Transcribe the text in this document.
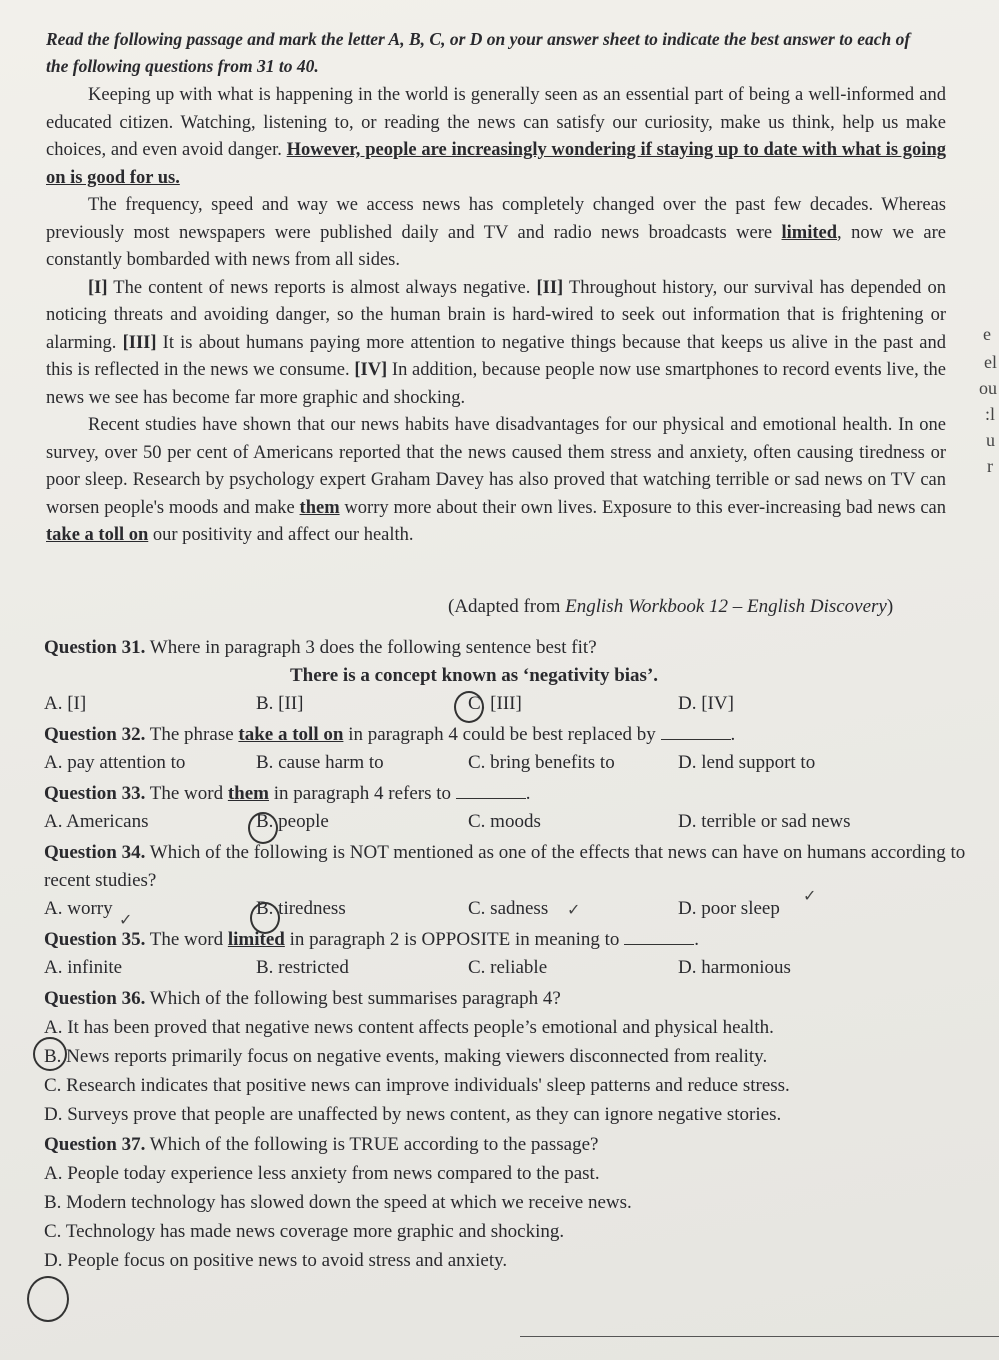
Read the following passage and mark the letter A, B, C, or D on your answer sheet to indicate the best answer to each of the following questions from 31 to 40.

Keeping up with what is happening in the world is generally seen as an essential part of being a well-informed and educated citizen. Watching, listening to, or reading the news can satisfy our curiosity, make us think, help us make choices, and even avoid danger. However, people are increasingly wondering if staying up to date with what is going on is good for us.

The frequency, speed and way we access news has completely changed over the past few decades. Whereas previously most newspapers were published daily and TV and radio news broadcasts were limited, now we are constantly bombarded with news from all sides.

[I] The content of news reports is almost always negative. [II] Throughout history, our survival has depended on noticing threats and avoiding danger, so the human brain is hard-wired to seek out information that is frightening or alarming. [III] It is about humans paying more attention to negative things because that keeps us alive in the past and this is reflected in the news we consume. [IV] In addition, because people now use smartphones to record events live, the news we see has become far more graphic and shocking.

Recent studies have shown that our news habits have disadvantages for our physical and emotional health. In one survey, over 50 per cent of Americans reported that the news caused them stress and anxiety, often causing tiredness or poor sleep. Research by psychology expert Graham Davey has also proved that watching terrible or sad news on TV can worsen people's moods and make them worry more about their own lives. Exposure to this ever-increasing bad news can take a toll on our positivity and affect our health.

(Adapted from English Workbook 12 – English Discovery)
Question 31. Where in paragraph 3 does the following sentence best fit?
There is a concept known as ‘negativity bias’.
A. [I]	B. [II]	C. [III]	D. [IV]
Question 32. The phrase take a toll on in paragraph 4 could be best replaced by	.
A. pay attention to	B. cause harm to	C. bring benefits to	D. lend support to
Question 33. The word them in paragraph 4 refers to	.
A. Americans	B. people	C. moods	D. terrible or sad news
Question 34. Which of the following is NOT mentioned as one of the effects that news can have on humans according to recent studies?
A. worry	B. tiredness	C. sadness	D. poor sleep
Question 35. The word limited in paragraph 2 is OPPOSITE in meaning to	.
A. infinite	B. restricted	C. reliable	D. harmonious
Question 36. Which of the following best summarises paragraph 4?
A. It has been proved that negative news content affects people’s emotional and physical health.
B. News reports primarily focus on negative events, making viewers disconnected from reality.
C. Research indicates that positive news can improve individuals' sleep patterns and reduce stress.
D. Surveys prove that people are unaffected by news content, as they can ignore negative stories.
Question 37. Which of the following is TRUE according to the passage?
A. People today experience less anxiety from news compared to the past.
B. Modern technology has slowed down the speed at which we receive news.
C. Technology has made news coverage more graphic and shocking.
D. People focus on positive news to avoid stress and anxiety.
✓
✓
✓
e
el
ou
:l
u
r
